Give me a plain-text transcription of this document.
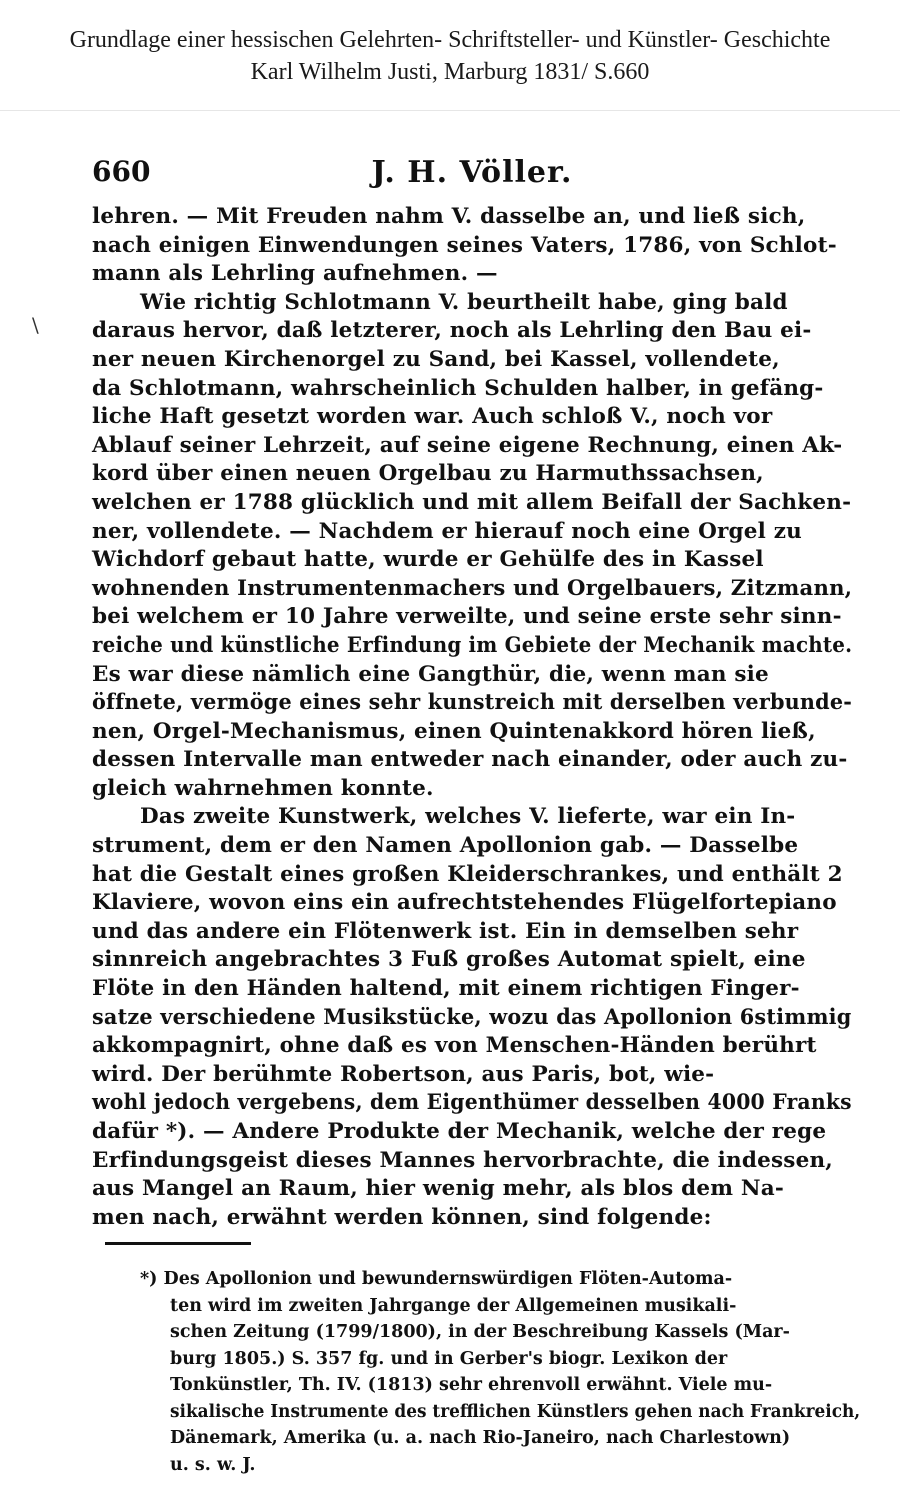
Grundlage einer hessischen Gelehrten- Schriftsteller- und Künstler- Geschichte
Karl Wilhelm Justi, Marburg 1831/ S.660
\
660	J. H. Völler.
lehren. — Mit Freuden nahm V. dasselbe an, und ließ sich,
nach einigen Einwendungen seines Vaters, 1786, von Schlot-
mann als Lehrling aufnehmen. —
Wie richtig Schlotmann V. beurtheilt habe, ging bald
daraus hervor, daß letzterer, noch als Lehrling den Bau ei-
ner neuen Kirchenorgel zu Sand, bei Kassel, vollendete,
da Schlotmann, wahrscheinlich Schulden halber, in gefäng-
liche Haft gesetzt worden war. Auch schloß V., noch vor
Ablauf seiner Lehrzeit, auf seine eigene Rechnung, einen Ak-
kord über einen neuen Orgelbau zu Harmuthssachsen,
welchen er 1788 glücklich und mit allem Beifall der Sachken-
ner, vollendete. — Nachdem er hierauf noch eine Orgel zu
Wichdorf gebaut hatte, wurde er Gehülfe des in Kassel
wohnenden Instrumentenmachers und Orgelbauers, Zitzmann,
bei welchem er 10 Jahre verweilte, und seine erste sehr sinn-
reiche und künstliche Erfindung im Gebiete der Mechanik machte.
Es war diese nämlich eine Gangthür, die, wenn man sie
öffnete, vermöge eines sehr kunstreich mit derselben verbunde-
nen, Orgel-Mechanismus, einen Quintenakkord hören ließ,
dessen Intervalle man entweder nach einander, oder auch zu-
gleich wahrnehmen konnte.
Das zweite Kunstwerk, welches V. lieferte, war ein In-
strument, dem er den Namen Apollonion gab. — Dasselbe
hat die Gestalt eines großen Kleiderschrankes, und enthält 2
Klaviere, wovon eins ein aufrechtstehendes Flügelfortepiano
und das andere ein Flötenwerk ist. Ein in demselben sehr
sinnreich angebrachtes 3 Fuß großes Automat spielt, eine
Flöte in den Händen haltend, mit einem richtigen Finger-
satze verschiedene Musikstücke, wozu das Apollonion 6stimmig
akkompagnirt, ohne daß es von Menschen-Händen berührt
wird. Der berühmte Robertson, aus Paris, bot, wie-
wohl jedoch vergebens, dem Eigenthümer desselben 4000 Franks
dafür *). — Andere Produkte der Mechanik, welche der rege
Erfindungsgeist dieses Mannes hervorbrachte, die indessen,
aus Mangel an Raum, hier wenig mehr, als blos dem Na-
men nach, erwähnt werden können, sind folgende:
*) Des Apollonion und bewundernswürdigen Flöten-Automa-
ten wird im zweiten Jahrgange der Allgemeinen musikali-
schen Zeitung (1799/1800), in der Beschreibung Kassels (Mar-
burg 1805.) S. 357 fg. und in Gerber's biogr. Lexikon der
Tonkünstler, Th. IV. (1813) sehr ehrenvoll erwähnt. Viele mu-
sikalische Instrumente des trefflichen Künstlers gehen nach Frankreich,
Dänemark, Amerika (u. a. nach Rio-Janeiro, nach Charlestown)
u. s. w. J.
